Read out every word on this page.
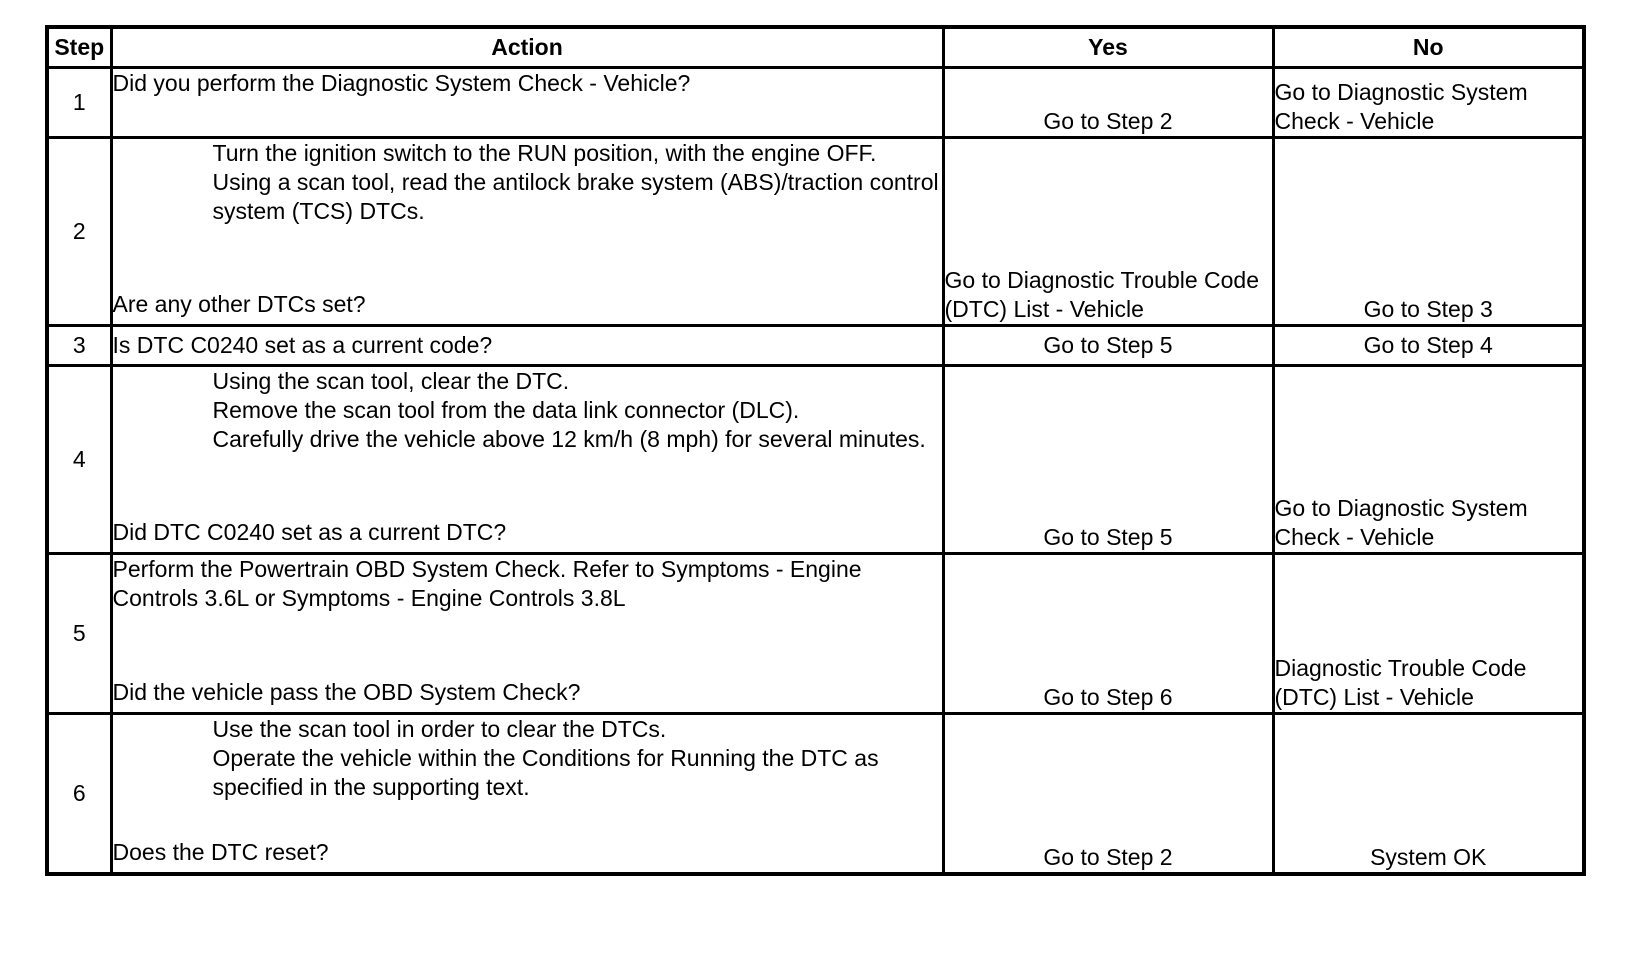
Step	Action	Yes	No
1	Did you perform the Diagnostic System Check - Vehicle?	Go to Step 2	Go to Diagnostic System Check - Vehicle
2	Turn the ignition switch to the RUN position, with the engine OFF.
Using a scan tool, read the antilock brake system (ABS)/traction control system (TCS) DTCs.
Are any other DTCs set?	Go to Diagnostic Trouble Code (DTC) List - Vehicle	Go to Step 3
3	Is DTC C0240 set as a current code?	Go to Step 5	Go to Step 4
4	Using the scan tool, clear the DTC.
Remove the scan tool from the data link connector (DLC).
Carefully drive the vehicle above 12 km/h (8 mph) for several minutes.
Did DTC C0240 set as a current DTC?	Go to Step 5	Go to Diagnostic System Check - Vehicle
5	Perform the Powertrain OBD System Check. Refer to Symptoms - Engine Controls 3.6L or Symptoms - Engine Controls 3.8L
Did the vehicle pass the OBD System Check?	Go to Step 6	Diagnostic Trouble Code (DTC) List - Vehicle
6	Use the scan tool in order to clear the DTCs.
Operate the vehicle within the Conditions for Running the DTC as specified in the supporting text.
Does the DTC reset?	Go to Step 2	System OK
